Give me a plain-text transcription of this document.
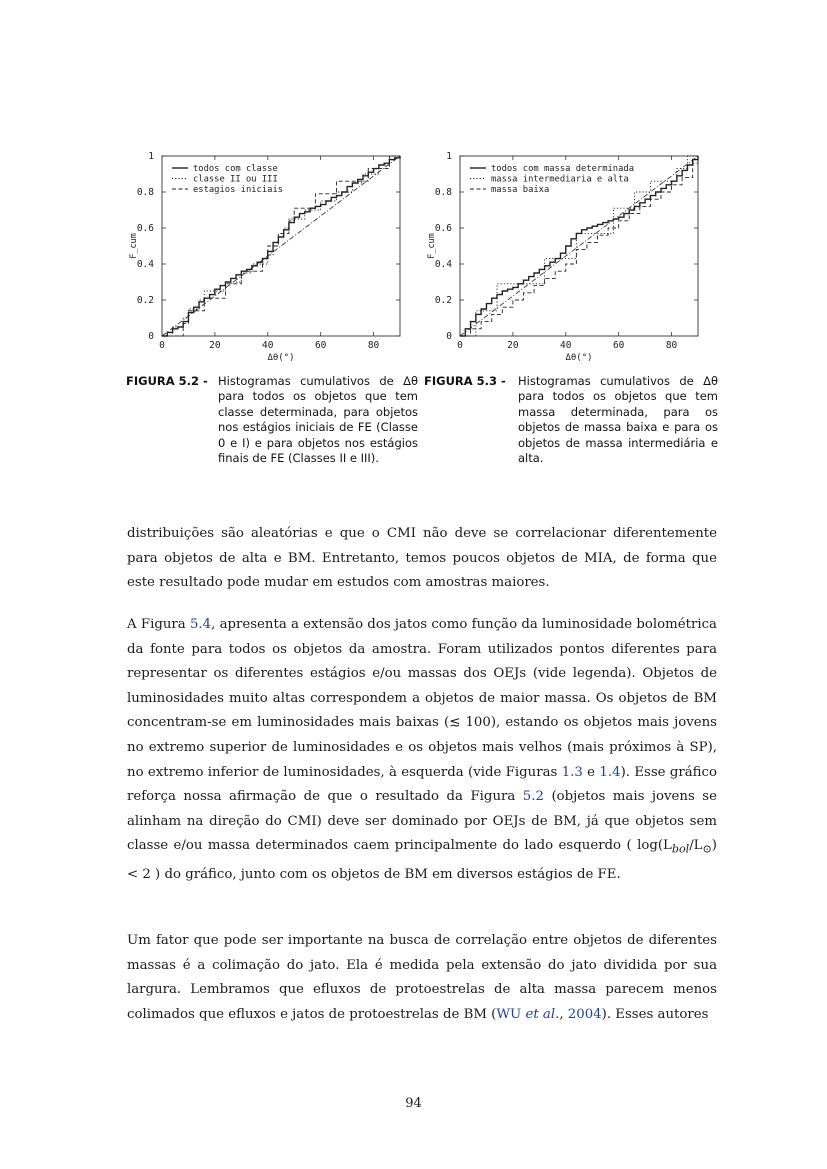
0	20	40	60	80
0
0.2
0.4
0.6
0.8
1
Δθ(°)
F_cum
todos com classe
classe II ou III
estagios iniciais
0	20	40	60	80
0
0.2
0.4
0.6
0.8
1
Δθ(°)
F_cum
todos com massa determinada
massa intermediaria e alta
massa baixa
FIGURA 5.2 - Histogramas cumulativos de Δθ para todos os objetos que tem classe determinada, para objetos nos estágios iniciais de FE (Classe 0 e I) e para objetos nos estágios finais de FE (Classes II e III).
FIGURA 5.3 - Histogramas cumulativos de Δθ para todos os objetos que tem massa determinada, para os objetos de massa baixa e para os objetos de massa intermediária e alta.

distribuições são aleatórias e que o CMI não deve se correlacionar diferentemente para objetos de alta e BM. Entretanto, temos poucos objetos de MIA, de forma que este resultado pode mudar em estudos com amostras maiores.

A Figura 5.4, apresenta a extensão dos jatos como função da luminosidade bolométrica da fonte para todos os objetos da amostra. Foram utilizados pontos diferentes para representar os diferentes estágios e/ou massas dos OEJs (vide legenda). Objetos de luminosidades muito altas correspondem a objetos de maior massa. Os objetos de BM concentram-se em luminosidades mais baixas (≲ 100), estando os objetos mais jovens no extremo superior de luminosidades e os objetos mais velhos (mais próximos à SP), no extremo inferior de luminosidades, à esquerda (vide Figuras 1.3 e 1.4). Esse gráfico reforça nossa afirmação de que o resultado da Figura 5.2 (objetos mais jovens se alinham na direção do CMI) deve ser dominado por OEJs de BM, já que objetos sem classe e/ou massa determinados caem principalmente do lado esquerdo ( $\log(L_{bol}/L_⊙) < 2$ ) do gráfico, junto com os objetos de BM em diversos estágios de FE.

Um fator que pode ser importante na busca de correlação entre objetos de diferentes massas é a colimação do jato. Ela é medida pela extensão do jato dividida por sua largura. Lembramos que efluxos de protoestrelas de alta massa parecem menos colimados que efluxos e jatos de protoestrelas de BM (WU et al., 2004). Esses autores

94
